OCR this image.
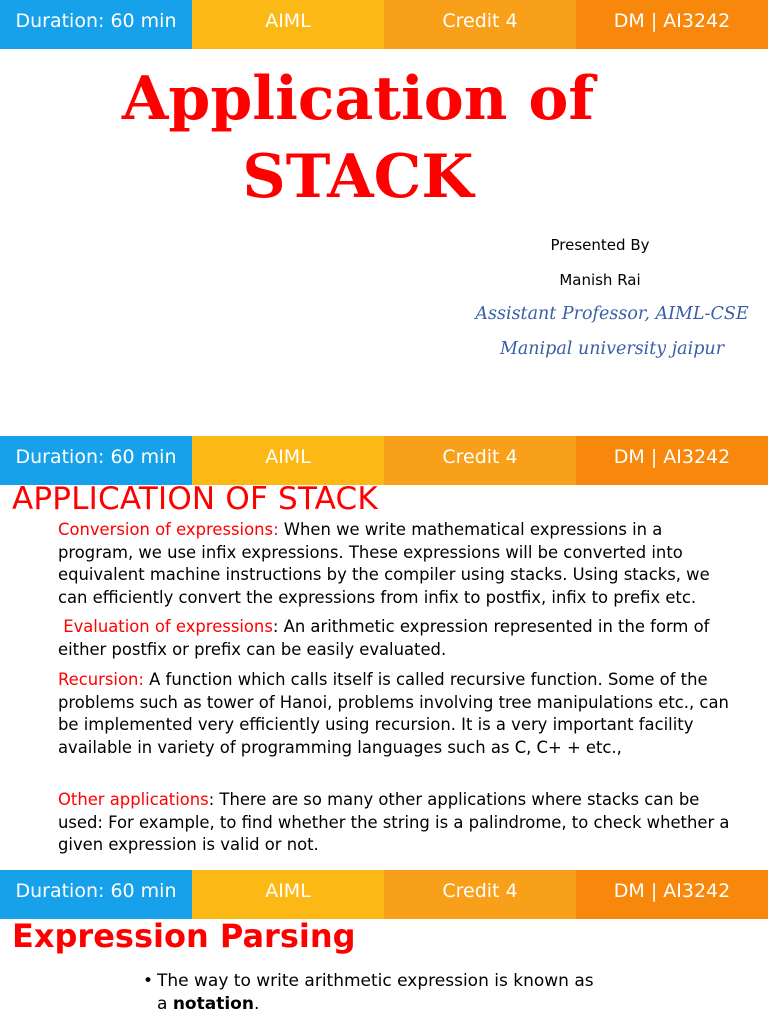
Duration: 60 min	AIML	Credit 4	DM | AI3242
Application of
STACK
Presented By
Manish Rai
Assistant Professor, AIML-CSE
Manipal university jaipur
Duration: 60 min	AIML	Credit 4	DM | AI3242
APPLICATION OF STACK
Conversion of expressions: When we write mathematical expressions in a program, we use infix expressions. These expressions will be converted into equivalent machine instructions by the compiler using stacks. Using stacks, we can efficiently convert the expressions from infix to postfix, infix to prefix etc.
Evaluation of expressions: An arithmetic expression represented in the form of either postfix or prefix can be easily evaluated.
Recursion: A function which calls itself is called recursive function. Some of the problems such as tower of Hanoi, problems involving tree manipulations etc., can be implemented very efficiently using recursion. It is a very important facility available in variety of programming languages such as C, C+ + etc.,
Other applications: There are so many other applications where stacks can be used: For example, to find whether the string is a palindrome, to check whether a given expression is valid or not.
Duration: 60 min	AIML	Credit 4	DM | AI3242
Expression Parsing
• The way to write arithmetic expression is known as
a notation.
